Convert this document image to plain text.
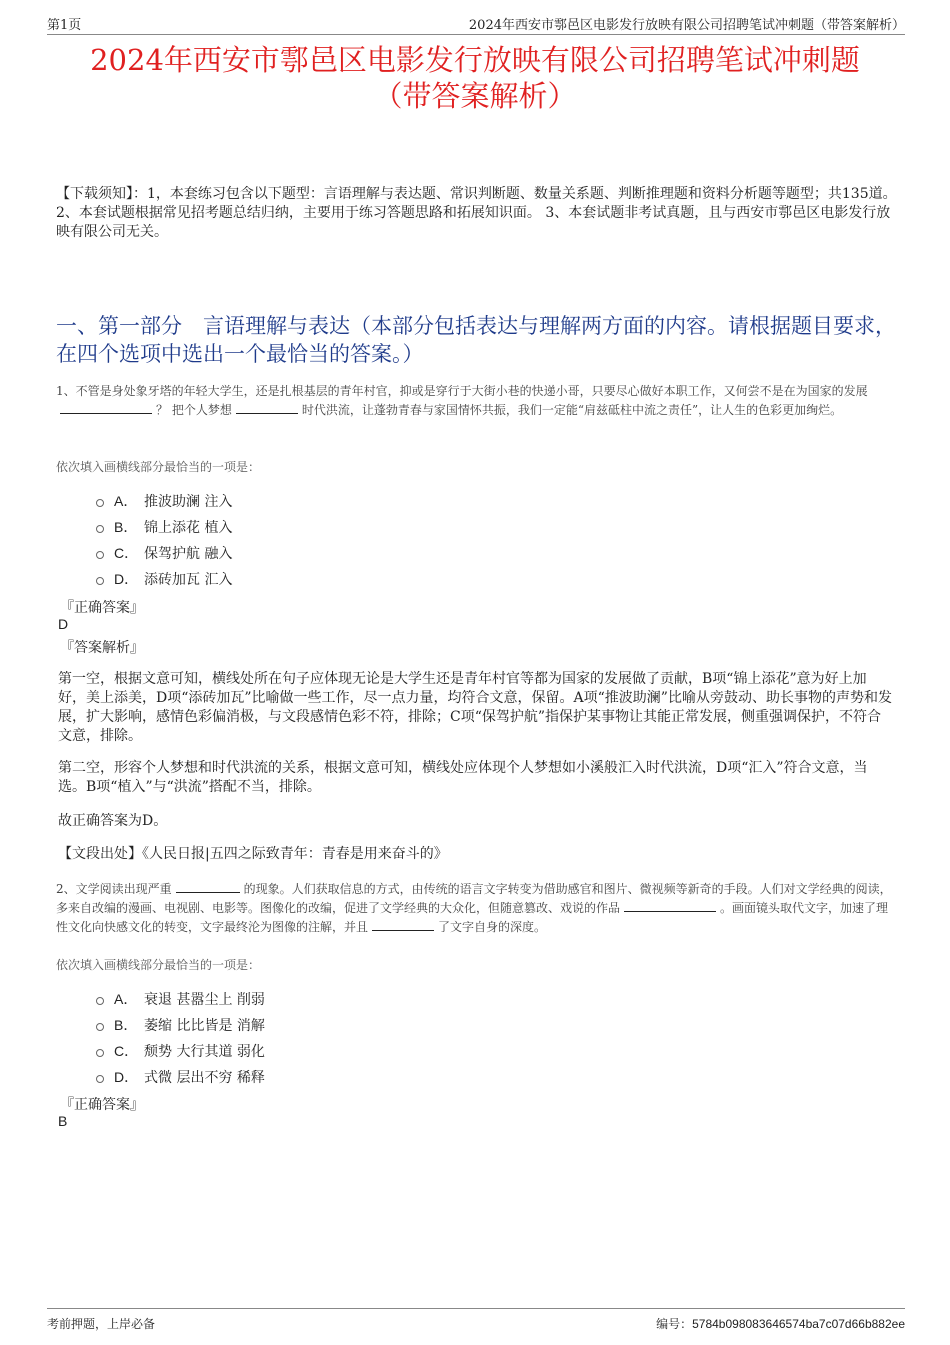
第1页	2024年西安市鄠邑区电影发行放映有限公司招聘笔试冲刺题（带答案解析）
2024年西安市鄠邑区电影发行放映有限公司招聘笔试冲刺题
（带答案解析）
【下载须知】：1，本套练习包含以下题型：言语理解与表达题、常识判断题、数量关系题、判断推理题和资料分析题等题型；共135道。 2、本套试题根据常见招考题总结归纳，主要用于练习答题思路和拓展知识面。 3、本套试题非考试真题，且与西安市鄠邑区电影发行放映有限公司无关。
一、第一部分　言语理解与表达（本部分包括表达与理解两方面的内容。请根据题目要求，在四个选项中选出一个最恰当的答案。）
1、不管是身处象牙塔的年轻大学生，还是扎根基层的青年村官，抑或是穿行于大街小巷的快递小哥，只要尽心做好本职工作，又何尝不是在为国家的发展？ 把个人梦想	时代洪流，让蓬勃青春与家国情怀共振，我们一定能“肩兹砥柱中流之责任”，让人生的色彩更加绚烂。
依次填入画横线部分最恰当的一项是：
A． 推波助澜 注入
B． 锦上添花 植入
C． 保驾护航 融入
D． 添砖加瓦 汇入
『正确答案』
D
『答案解析』
第一空，根据文意可知，横线处所在句子应体现无论是大学生还是青年村官等都为国家的发展做了贡献，B项“锦上添花”意为好上加好，美上添美，D项“添砖加瓦”比喻做一些工作，尽一点力量，均符合文意，保留。A项“推波助澜”比喻从旁鼓动、助长事物的声势和发展，扩大影响，感情色彩偏消极，与文段感情色彩不符，排除；C项“保驾护航”指保护某事物让其能正常发展，侧重强调保护，不符合文意，排除。
第二空，形容个人梦想和时代洪流的关系，根据文意可知，横线处应体现个人梦想如小溪般汇入时代洪流，D项“汇入”符合文意，当选。B项“植入”与“洪流”搭配不当，排除。
故正确答案为D。
【文段出处】《人民日报|五四之际致青年：青春是用来奋斗的》
2、文学阅读出现严重	的现象。人们获取信息的方式，由传统的语言文字转变为借助感官和图片、微视频等新奇的手段。人们对文学经典的阅读，多来自改编的漫画、电视剧、电影等。图像化的改编，促进了文学经典的大众化，但随意篡改、戏说的作品	。画面镜头取代文字，加速了理性文化向快感文化的转变，文字最终沦为图像的注解，并且	了文字自身的深度。
依次填入画横线部分最恰当的一项是：
A． 衰退 甚嚣尘上 削弱
B． 萎缩 比比皆是 消解
C． 颓势 大行其道 弱化
D． 式微 层出不穷 稀释
『正确答案』
B
考前押题，上岸必备	编号：5784b098083646574ba7c07d66b882ee
